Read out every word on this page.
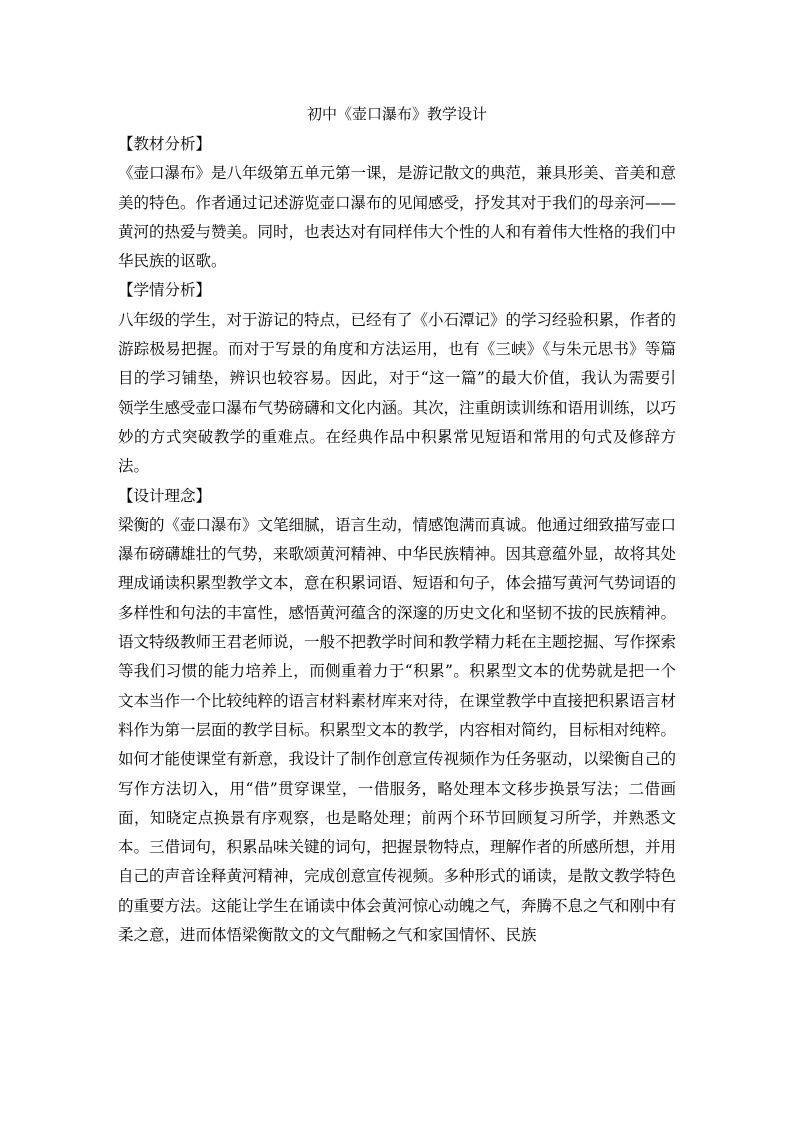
初中《壶口瀑布》教学设计

【教材分析】

《壶口瀑布》是八年级第五单元第一课，是游记散文的典范，兼具形美、音美和意美的特色。作者通过记述游览壶口瀑布的见闻感受，抒发其对于我们的母亲河——黄河的热爱与赞美。同时，也表达对有同样伟大个性的人和有着伟大性格的我们中华民族的讴歌。

【学情分析】

八年级的学生，对于游记的特点，已经有了《小石潭记》的学习经验积累，作者的游踪极易把握。而对于写景的角度和方法运用，也有《三峡》《与朱元思书》等篇目的学习铺垫，辨识也较容易。因此，对于“这一篇”的最大价值，我认为需要引领学生感受壶口瀑布气势磅礴和文化内涵。其次，注重朗读训练和语用训练，以巧妙的方式突破教学的重难点。在经典作品中积累常见短语和常用的句式及修辞方法。

【设计理念】

梁衡的《壶口瀑布》文笔细腻，语言生动，情感饱满而真诚。他通过细致描写壶口瀑布磅礴雄壮的气势，来歌颂黄河精神、中华民族精神。因其意蕴外显，故将其处理成诵读积累型教学文本，意在积累词语、短语和句子，体会描写黄河气势词语的多样性和句法的丰富性，感悟黄河蕴含的深邃的历史文化和坚韧不拔的民族精神。语文特级教师王君老师说，一般不把教学时间和教学精力耗在主题挖掘、写作探索等我们习惯的能力培养上，而侧重着力于“积累”。积累型文本的优势就是把一个文本当作一个比较纯粹的语言材料素材库来对待，在课堂教学中直接把积累语言材料作为第一层面的教学目标。积累型文本的教学，内容相对简约，目标相对纯粹。如何才能使课堂有新意，我设计了制作创意宣传视频作为任务驱动，以梁衡自己的写作方法切入，用“借”贯穿课堂，一借服务，略处理本文移步换景写法；二借画面，知晓定点换景有序观察，也是略处理；前两个环节回顾复习所学，并熟悉文本。三借词句，积累品味关键的词句，把握景物特点，理解作者的所感所想，并用自己的声音诠释黄河精神，完成创意宣传视频。多种形式的诵读，是散文教学特色的重要方法。这能让学生在诵读中体会黄河惊心动魄之气，奔腾不息之气和刚中有柔之意，进而体悟梁衡散文的文气酣畅之气和家国情怀、民族
